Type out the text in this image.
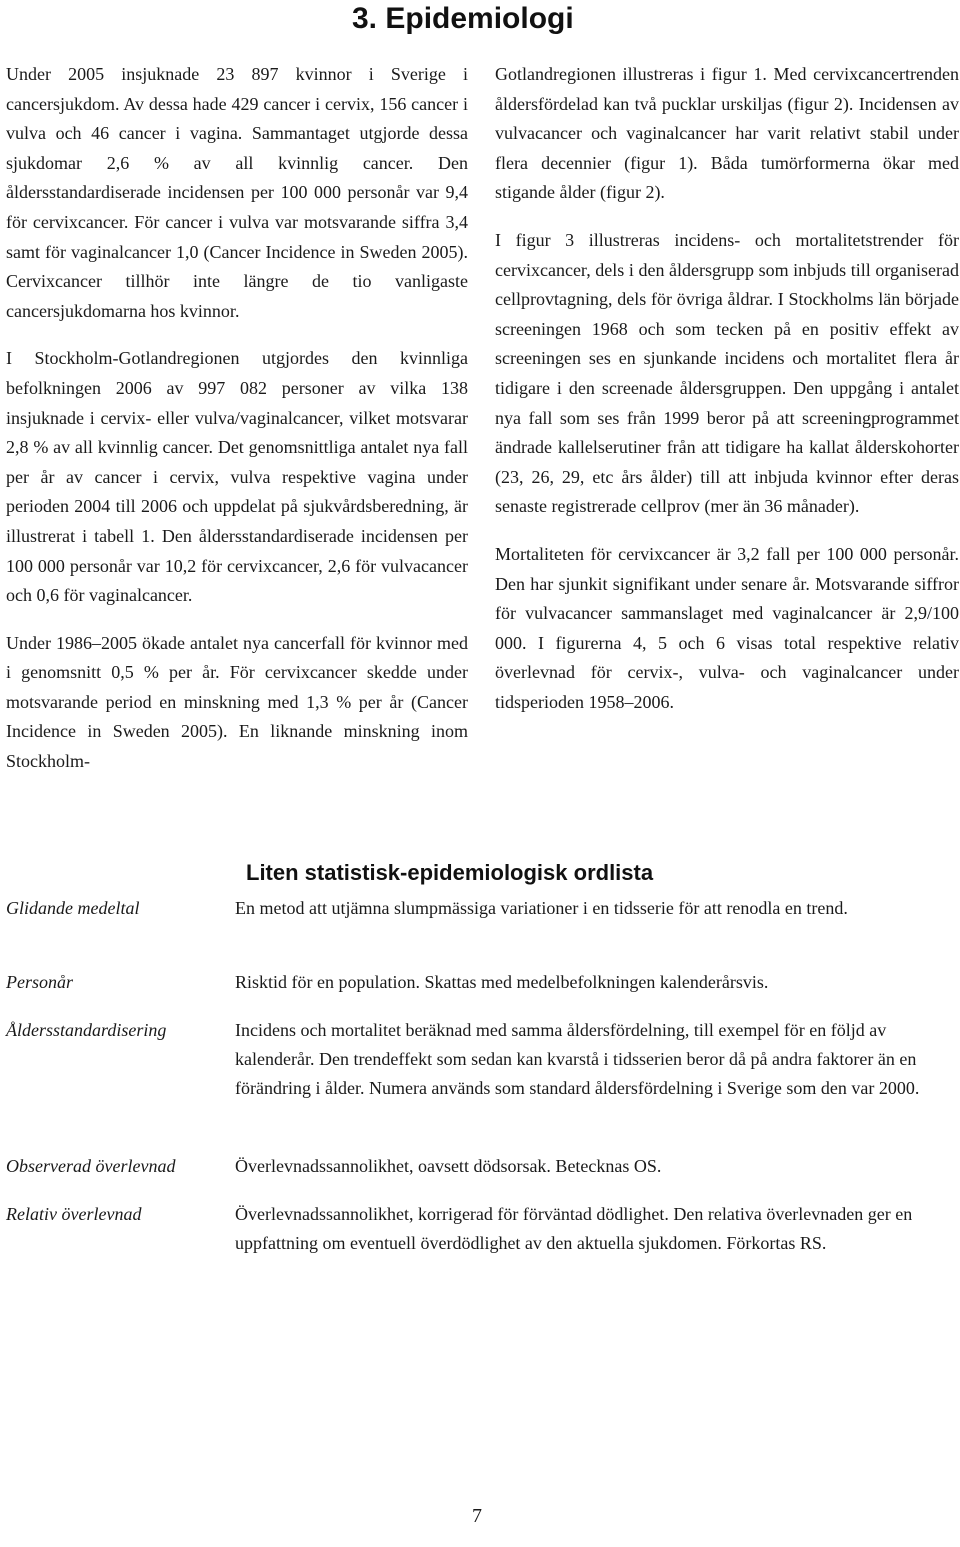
3. Epidemiologi

Under 2005 insjuknade 23 897 kvinnor i Sverige i cancersjukdom. Av dessa hade 429 cancer i cervix, 156 cancer i vulva och 46 cancer i vagina. Sammantaget utgjorde dessa sjukdomar 2,6 % av all kvinnlig cancer. Den åldersstandardiserade incidensen per 100 000 personår var 9,4 för cervixcancer. För cancer i vulva var motsvarande siffra 3,4 samt för vaginalcancer 1,0 (Cancer Incidence in Sweden 2005). Cervixcancer tillhör inte längre de tio vanligaste cancersjukdomarna hos kvinnor.

I Stockholm-Gotlandregionen utgjordes den kvinnliga befolkningen 2006 av 997 082 personer av vilka 138 insjuknade i cervix- eller vulva/vaginalcancer, vilket motsvarar 2,8 % av all kvinnlig cancer. Det genomsnittliga antalet nya fall per år av cancer i cervix, vulva respektive vagina under perioden 2004 till 2006 och uppdelat på sjukvårdsberedning, är illustrerat i tabell 1. Den åldersstandardiserade incidensen per 100 000 personår var 10,2 för cervixcancer, 2,6 för vulvacancer och 0,6 för vaginalcancer.

Under 1986–2005 ökade antalet nya cancerfall för kvinnor med i genomsnitt 0,5 % per år. För cervixcancer skedde under motsvarande period en minskning med 1,3 % per år (Cancer Incidence in Sweden 2005). En liknande minskning inom Stockholm-

Gotlandregionen illustreras i figur 1. Med cervixcancertrenden åldersfördelad kan två pucklar urskiljas (figur 2). Incidensen av vulvacancer och vaginalcancer har varit relativt stabil under flera decennier (figur 1). Båda tumörformerna ökar med stigande ålder (figur 2).

I figur 3 illustreras incidens- och mortalitetstrender för cervixcancer, dels i den åldersgrupp som inbjuds till organiserad cellprovtagning, dels för övriga åldrar. I Stockholms län började screeningen 1968 och som tecken på en positiv effekt av screeningen ses en sjunkande incidens och mortalitet flera år tidigare i den screenade åldersgruppen. Den uppgång i antalet nya fall som ses från 1999 beror på att screeningprogrammet ändrade kallelserutiner från att tidigare ha kallat ålderskohorter (23, 26, 29, etc års ålder) till att inbjuda kvinnor efter deras senaste registrerade cellprov (mer än 36 månader).

Mortaliteten för cervixcancer är 3,2 fall per 100 000 personår. Den har sjunkit signifikant under senare år. Motsvarande siffror för vulvacancer sammanslaget med vaginalcancer är 2,9/100 000. I figurerna 4, 5 och 6 visas total respektive relativ överlevnad för cervix-, vulva- och vaginalcancer under tidsperioden 1958–2006.

Liten statistisk-epidemiologisk ordlista

Glidande medeltal	En metod att utjämna slumpmässiga variationer i en tidsserie för att renodla en trend.

Personår	Risktid för en population. Skattas med medelbefolkningen kalenderårsvis.

Åldersstandardisering	Incidens och mortalitet beräknad med samma åldersfördelning, till exempel för en följd av kalenderår. Den trendeffekt som sedan kan kvarstå i tidsserien beror då på andra faktorer än en förändring i ålder. Numera används som standard åldersfördelning i Sverige som den var 2000.

Observerad överlevnad	Överlevnadssannolikhet, oavsett dödsorsak. Betecknas OS.

Relativ överlevnad	Överlevnadssannolikhet, korrigerad för förväntad dödlighet. Den relativa överlevnaden ger en uppfattning om eventuell överdödlighet av den aktuella sjukdomen. Förkortas RS.

7
